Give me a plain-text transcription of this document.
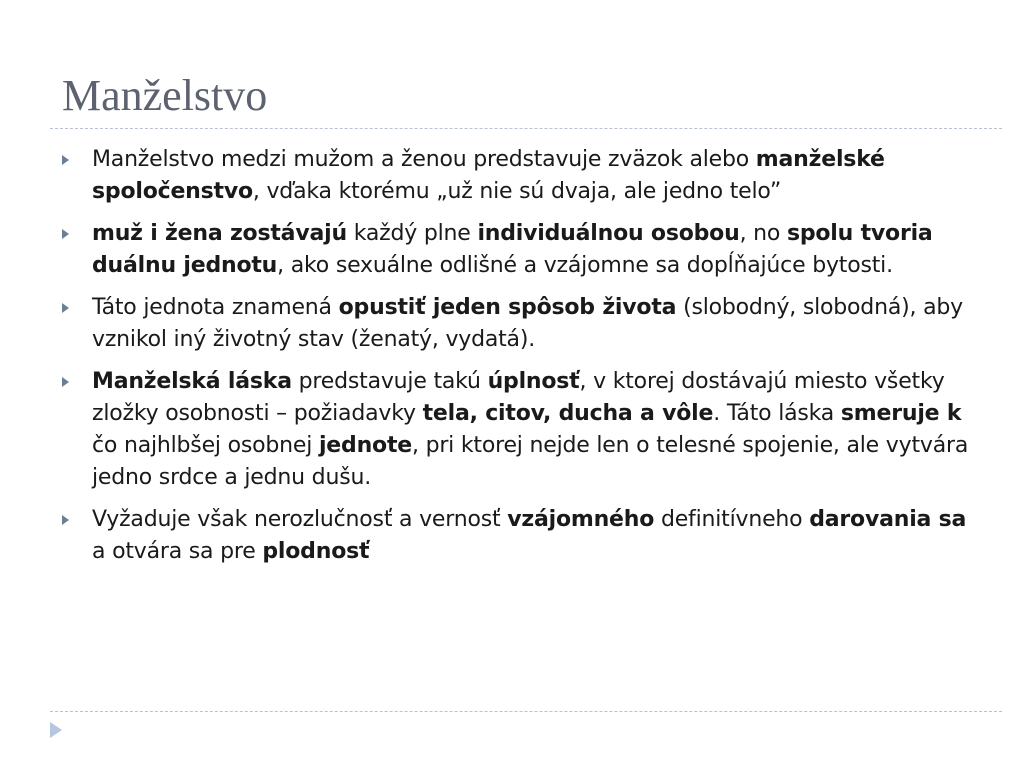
Manželstvo
Manželstvo medzi mužom a ženou predstavuje zväzok alebo manželské spoločenstvo, vďaka ktorému „už nie sú dvaja, ale jedno telo”
muž i žena zostávajú každý plne individuálnou osobou, no spolu tvoria duálnu jednotu, ako sexuálne odlišné a vzájomne sa dopĺňajúce bytosti.
Táto jednota znamená opustiť jeden spôsob života (slobodný, slobodná), aby vznikol iný životný stav (ženatý, vydatá).
Manželská láska predstavuje takú úplnosť, v ktorej dostávajú miesto všetky zložky osobnosti – požiadavky tela, citov, ducha a vôle. Táto láska smeruje k čo najhlbšej osobnej jednote, pri ktorej nejde len o telesné spojenie, ale vytvára jedno srdce a jednu dušu.
Vyžaduje však nerozlučnosť a vernosť vzájomného definitívneho darovania sa a otvára sa pre plodnosť
